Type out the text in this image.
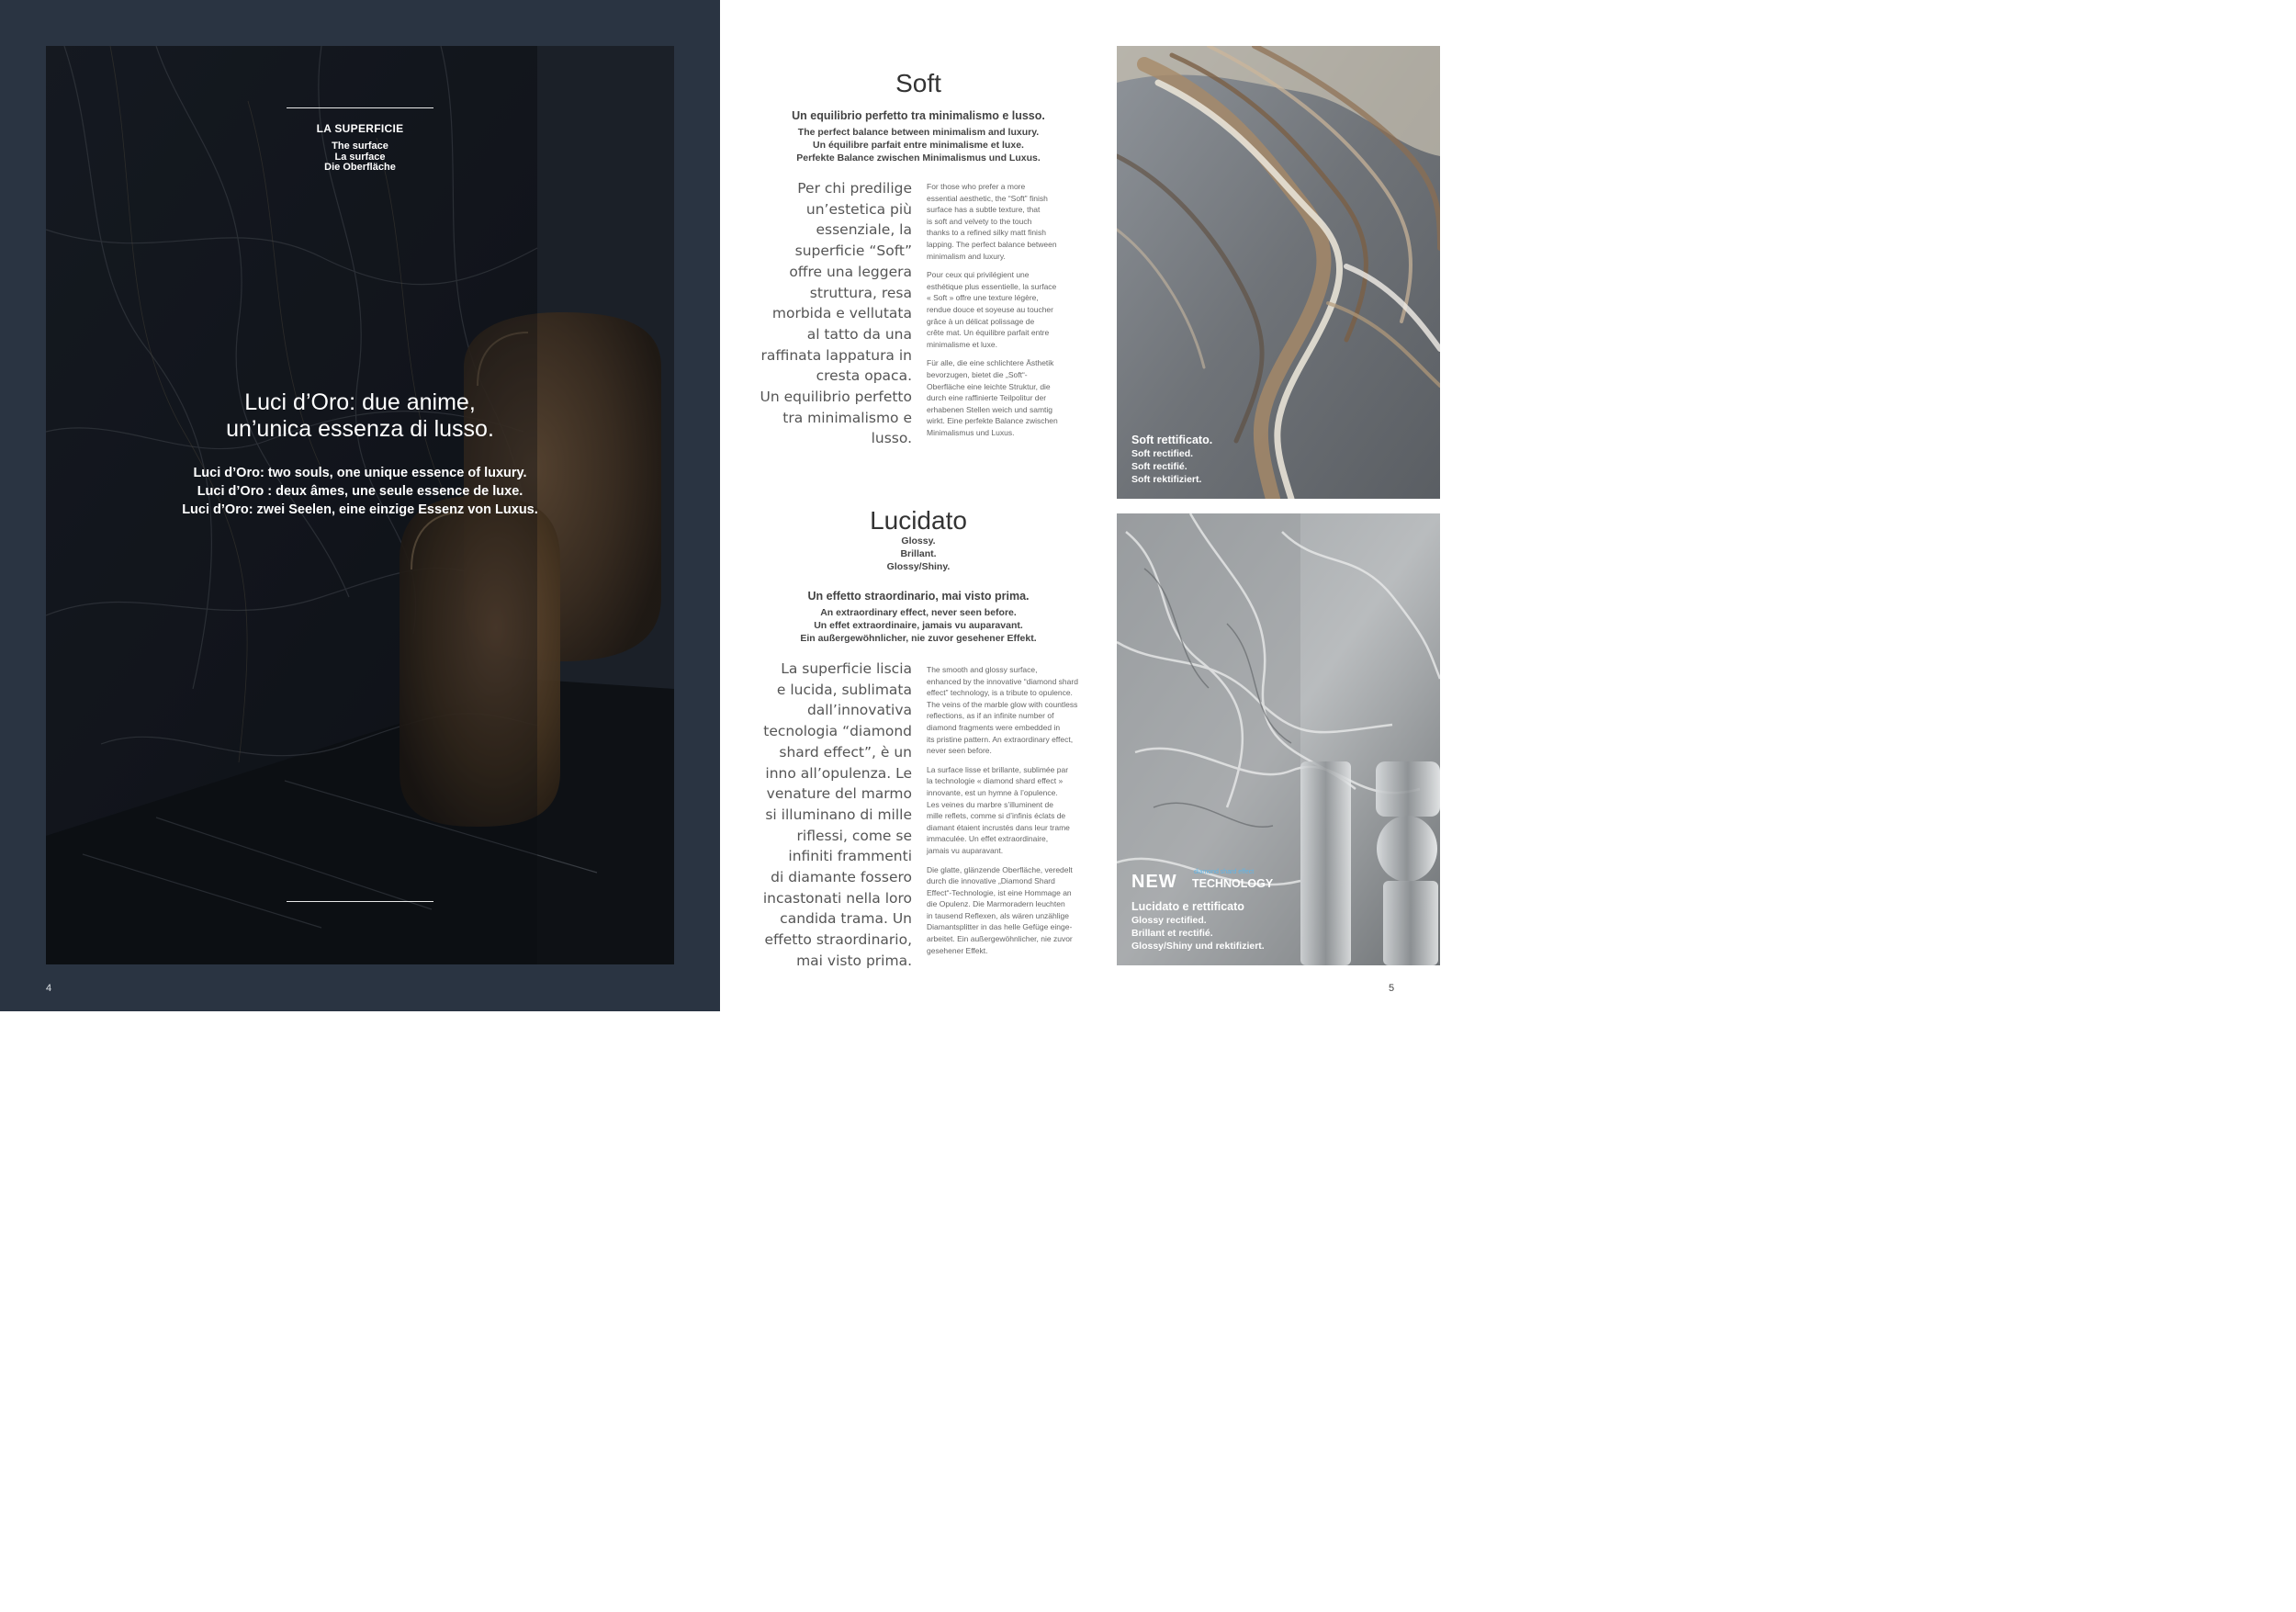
LA SUPERFICIE
The surface
La surface
Die Oberfläche
Luci d’Oro: due anime,
un’unica essenza di lusso.
Luci d’Oro: two souls, one unique essence of luxury.
Luci d’Oro : deux âmes, une seule essence de luxe.
Luci d’Oro: zwei Seelen, eine einzige Essenz von Luxus.
4
Soft
Un equilibrio perfetto tra minimalismo e lusso.
The perfect balance between minimalism and luxury.
Un équilibre parfait entre minimalisme et luxe.
Perfekte Balance zwischen Minimalismus und Luxus.
Per chi predilige
un’estetica più
essenziale, la
superficie “Soft”
offre una leggera
struttura, resa
morbida e vellutata
al tatto da una
raffinata lappatura in
cresta opaca.
Un equilibrio perfetto
tra minimalismo e
lusso.
For those who prefer a more
essential aesthetic, the “Soft” finish
surface has a subtle texture, that
is soft and velvety to the touch
thanks to a refined silky matt finish
lapping. The perfect balance between
minimalism and luxury.
Pour ceux qui privilégient une
esthétique plus essentielle, la surface
« Soft » offre une texture légère,
rendue douce et soyeuse au toucher
grâce à un délicat polissage de
crête mat. Un équilibre parfait entre
minimalisme et luxe.
Für alle, die eine schlichtere Ästhetik
bevorzugen, bietet die „Soft“-
Oberfläche eine leichte Struktur, die
durch eine raffinierte Teilpolitur der
erhabenen Stellen weich und samtig
wirkt. Eine perfekte Balance zwischen
Minimalismus und Luxus.
Soft rettificato.
Soft rectified.
Soft rectifié.
Soft rektifiziert.
Lucidato
Glossy.
Brillant.
Glossy/Shiny.
Un effetto straordinario, mai visto prima.
An extraordinary effect, never seen before.
Un effet extraordinaire, jamais vu auparavant.
Ein außergewöhnlicher, nie zuvor gesehener Effekt.
La superficie liscia
e lucida, sublimata
dall’innovativa
tecnologia “diamond
shard effect”, è un
inno all’opulenza. Le
venature del marmo
si illuminano di mille
riflessi, come se
infiniti frammenti
di diamante fossero
incastonati nella loro
candida trama. Un
effetto straordinario,
mai visto prima.
The smooth and glossy surface,
enhanced by the innovative “diamond shard
effect” technology, is a tribute to opulence.
The veins of the marble glow with countless
reflections, as if an infinite number of
diamond fragments were embedded in
its pristine pattern. An extraordinary effect,
never seen before.
La surface lisse et brillante, sublimée par
la technologie « diamond shard effect »
innovante, est un hymne à l’opulence.
Les veines du marbre s’illuminent de
mille reflets, comme si d’infinis éclats de
diamant étaient incrustés dans leur trame
immaculée. Un effet extraordinaire,
jamais vu auparavant.
Die glatte, glänzende Oberfläche, veredelt
durch die innovative „Diamond Shard
Effect“-Technologie, ist eine Hommage an
die Opulenz. Die Marmoradern leuchten
in tausend Reflexen, als wären unzählige
Diamantsplitter in das helle Gefüge einge-
arbeitet. Ein außergewöhnlicher, nie zuvor
gesehener Effekt.
diamond shard effect
NEW TECHNOLOGY
Lucidato e rettificato
Glossy rectified.
Brillant et rectifié.
Glossy/Shiny und rektifiziert.
5
